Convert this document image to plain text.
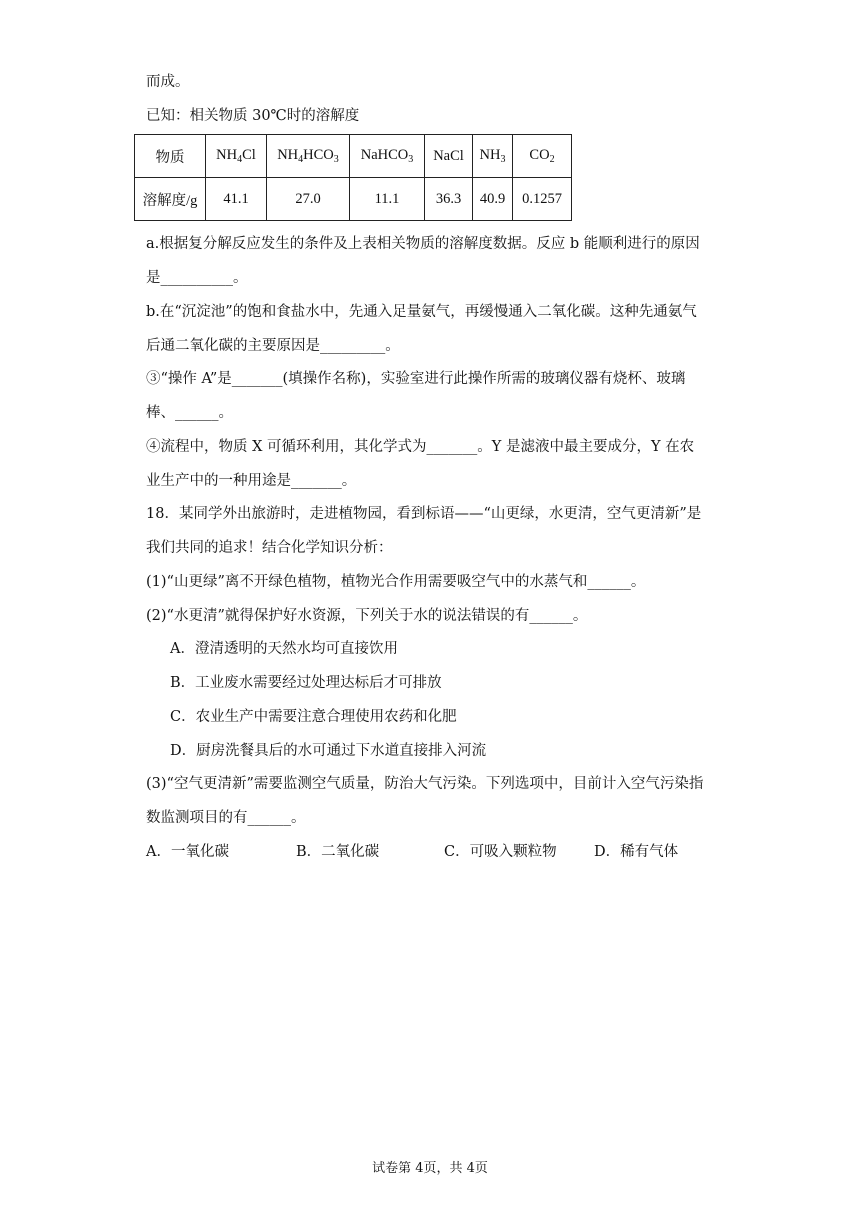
而成。
已知：相关物质 30℃时的溶解度
物质	$NH_4Cl$	$NH_4HCO_3$	NaHCO$_3$	NaCl	$NH_3$	$CO_2$
溶解度/g	41.1	27.0	11.1	36.3	40.9	0.1257
a.根据复分解反应发生的条件及上表相关物质的溶解度数据。反应 b 能顺利进行的原因
是__________。
b.在“沉淀池”的饱和食盐水中，先通入足量氨气，再缓慢通入二氧化碳。这种先通氨气
后通二氧化碳的主要原因是_________。
③“操作 A”是_______(填操作名称)，实验室进行此操作所需的玻璃仪器有烧杯、玻璃
棒、______。
④流程中，物质 X 可循环利用，其化学式为_______。Y 是滤液中最主要成分，Y 在农
业生产中的一种用途是_______。
18．某同学外出旅游时，走进植物园，看到标语——“山更绿，水更清，空气更清新”是
我们共同的追求！结合化学知识分析：
(1)“山更绿”离不开绿色植物，植物光合作用需要吸空气中的水蒸气和______。
(2)“水更清”就得保护好水资源，下列关于水的说法错误的有______。
A．澄清透明的天然水均可直接饮用
B．工业废水需要经过处理达标后才可排放
C．农业生产中需要注意合理使用农药和化肥
D．厨房洗餐具后的水可通过下水道直接排入河流
(3)“空气更清新”需要监测空气质量，防治大气污染。下列选项中，目前计入空气污染指
数监测项目的有______。
A．一氧化碳	B．二氧化碳	C．可吸入颗粒物	D．稀有气体
试卷第 4页，共 4页
